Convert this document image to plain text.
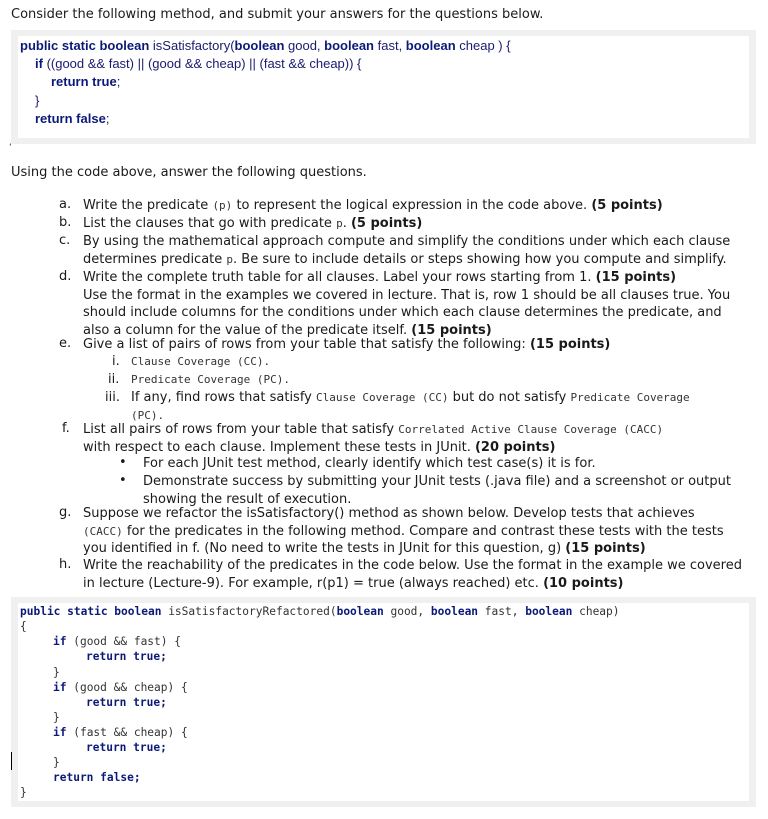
Consider the following method, and submit your answers for the questions below.
public static boolean isSatisfactory(boolean good, boolean fast, boolean cheap ) {
if ((good && fast) || (good && cheap) || (fast && cheap)) {
return true;
}
return false;
ʻ
Using the code above, answer the following questions.
a. Write the predicate (p) to represent the logical expression in the code above. (5 points)
b. List the clauses that go with predicate p. (5 points)
c. By using the mathematical approach compute and simplify the conditions under which each clause
determines predicate p. Be sure to include details or steps showing how you compute and simplify.
d. Write the complete truth table for all clauses. Label your rows starting from 1. (15 points)
Use the format in the examples we covered in lecture. That is, row 1 should be all clauses true. You
should include columns for the conditions under which each clause determines the predicate, and
also a column for the value of the predicate itself. (15 points)
e. Give a list of pairs of rows from your table that satisfy the following: (15 points)
i. Clause Coverage (CC).
ii. Predicate Coverage (PC).
iii. If any, find rows that satisfy Clause Coverage (CC) but do not satisfy Predicate Coverage
(PC).
f. List all pairs of rows from your table that satisfy Correlated Active Clause Coverage (CACC)
with respect to each clause. Implement these tests in JUnit. (20 points)
• For each JUnit test method, clearly identify which test case(s) it is for.
• Demonstrate success by submitting your JUnit tests (.java file) and a screenshot or output
showing the result of execution.
g. Suppose we refactor the isSatisfactory() method as shown below. Develop tests that achieves
(CACC) for the predicates in the following method. Compare and contrast these tests with the tests
you identified in f. (No need to write the tests in JUnit for this question, g) (15 points)
h. Write the reachability of the predicates in the code below. Use the format in the example we covered
in lecture (Lecture-9). For example, r(p1) = true (always reached) etc. (10 points)
public static boolean isSatisfactoryRefactored(boolean good, boolean fast, boolean cheap)
{
if (good && fast) {
return true;
}
if (good && cheap) {
return true;
}
if (fast && cheap) {
return true;
}
return false;
}
